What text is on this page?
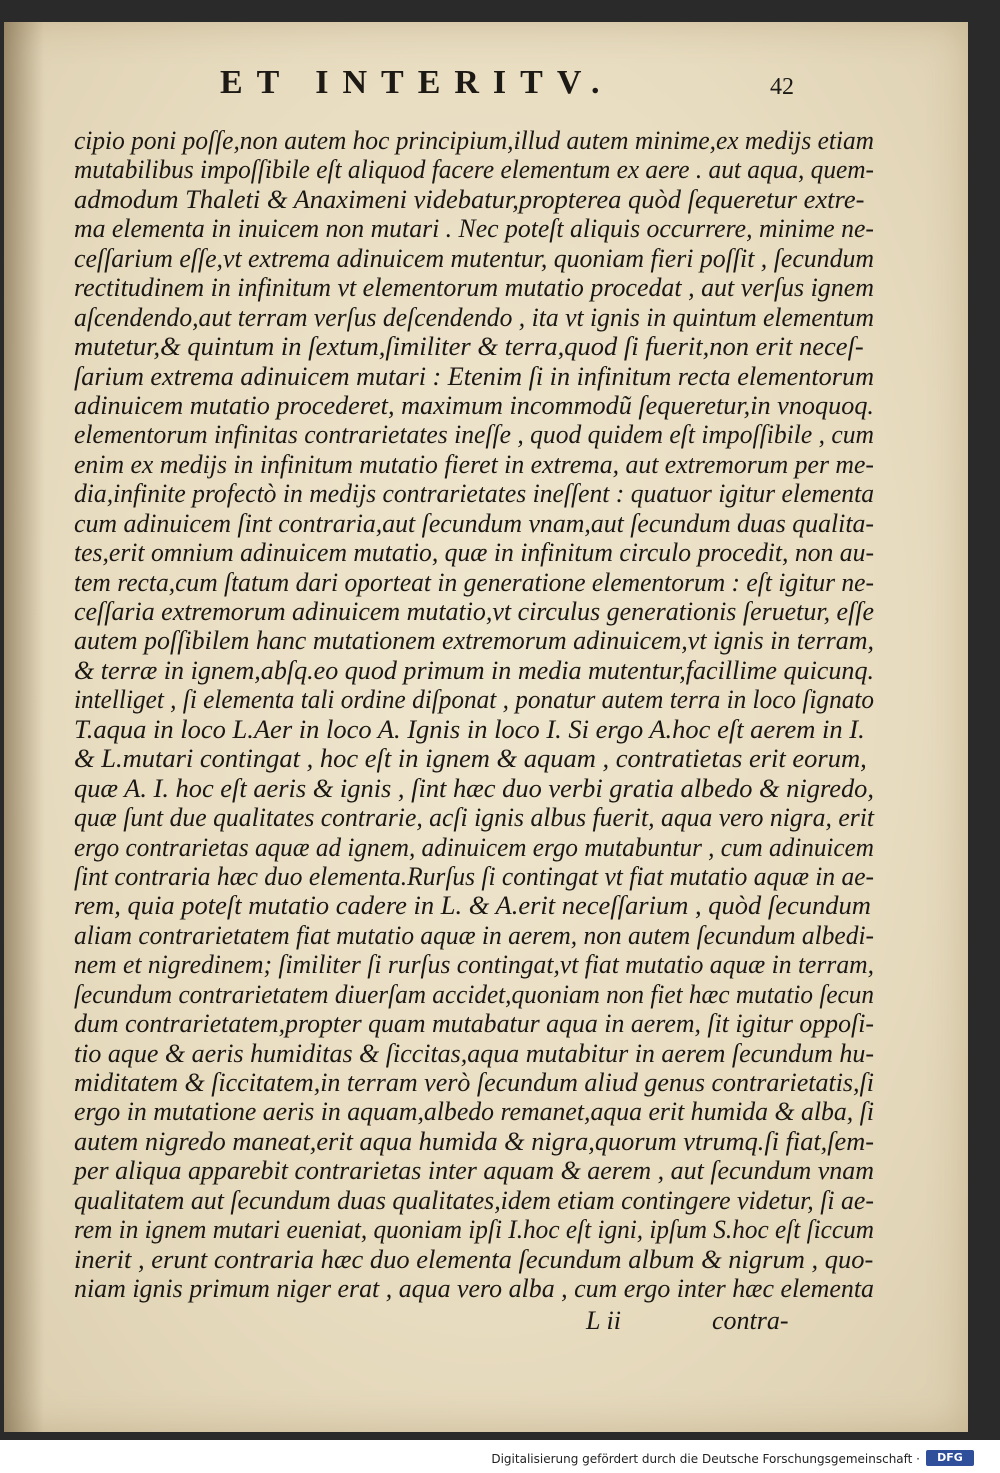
ET INTERITV.	42
cipio poni poſſe,non autem hoc principium,illud autem minime,ex medijs etiam
mutabilibus impoſſibile eſt aliquod facere elementum ex aere . aut aqua, quem-
admodum Thaleti & Anaximeni videbatur,propterea quòd ſequeretur extre-
ma elementa in inuicem non mutari . Nec poteſt aliquis occurrere, minime ne-
ceſſarium eſſe,vt extrema adinuicem mutentur, quoniam fieri poſſit , ſecundum
rectitudinem in infinitum vt elementorum mutatio procedat , aut verſus ignem
aſcendendo,aut terram verſus deſcendendo , ita vt ignis in quintum elementum
mutetur,& quintum in ſextum,ſimiliter & terra,quod ſi fuerit,non erit neceſ-
ſarium extrema adinuicem mutari : Etenim ſi in infinitum recta elementorum
adinuicem mutatio procederet, maximum incommodũ ſequeretur,in vnoquoq.
elementorum infinitas contrarietates ineſſe , quod quidem eſt impoſſibile , cum
enim ex medijs in infinitum mutatio fieret in extrema, aut extremorum per me-
dia,infinite profectò in medijs contrarietates ineſſent : quatuor igitur elementa
cum adinuicem ſint contraria,aut ſecundum vnam,aut ſecundum duas qualita-
tes,erit omnium adinuicem mutatio, quæ in infinitum circulo procedit, non au-
tem recta,cum ſtatum dari oporteat in generatione elementorum : eſt igitur ne-
ceſſaria extremorum adinuicem mutatio,vt circulus generationis ſeruetur, eſſe
autem poſſibilem hanc mutationem extremorum adinuicem,vt ignis in terram,
& terræ in ignem,abſq.eo quod primum in media mutentur,facillime quicunq.
intelliget , ſi elementa tali ordine diſponat , ponatur autem terra in loco ſignato
T.aqua in loco L.Aer in loco A. Ignis in loco I. Si ergo A.hoc eſt aerem in I.
& L.mutari contingat , hoc eſt in ignem & aquam , contratietas erit eorum,
quæ A. I. hoc eſt aeris & ignis , ſint hæc duo verbi gratia albedo & nigredo,
quæ ſunt due qualitates contrarie, acſi ignis albus fuerit, aqua vero nigra, erit
ergo contrarietas aquæ ad ignem, adinuicem ergo mutabuntur , cum adinuicem
ſint contraria hæc duo elementa.Rurſus ſi contingat vt fiat mutatio aquæ in ae-
rem, quia poteſt mutatio cadere in L. & A.erit neceſſarium , quòd ſecundum
aliam contrarietatem fiat mutatio aquæ in aerem, non autem ſecundum albedi-
nem et nigredinem; ſimiliter ſi rurſus contingat,vt fiat mutatio aquæ in terram,
ſecundum contrarietatem diuerſam accidet,quoniam non fiet hæc mutatio ſecun
dum contrarietatem,propter quam mutabatur aqua in aerem, ſit igitur oppoſi-
tio aque & aeris humiditas & ſiccitas,aqua mutabitur in aerem ſecundum hu-
miditatem & ſiccitatem,in terram verò ſecundum aliud genus contrarietatis,ſi
ergo in mutatione aeris in aquam,albedo remanet,aqua erit humida & alba, ſi
autem nigredo maneat,erit aqua humida & nigra,quorum vtrumq.ſi fiat,ſem-
per aliqua apparebit contrarietas inter aquam & aerem , aut ſecundum vnam
qualitatem aut ſecundum duas qualitates,idem etiam contingere videtur, ſi ae-
rem in ignem mutari eueniat, quoniam ipſi I.hoc eſt igni, ipſum S.hoc eſt ſiccum
inerit , erunt contraria hæc duo elementa ſecundum album & nigrum , quo-
niam ignis primum niger erat , aqua vero alba , cum ergo inter hæc elementa
L ii	contra-
Digitalisierung gefördert durch die Deutsche Forschungsgemeinschaft ·	DFG
